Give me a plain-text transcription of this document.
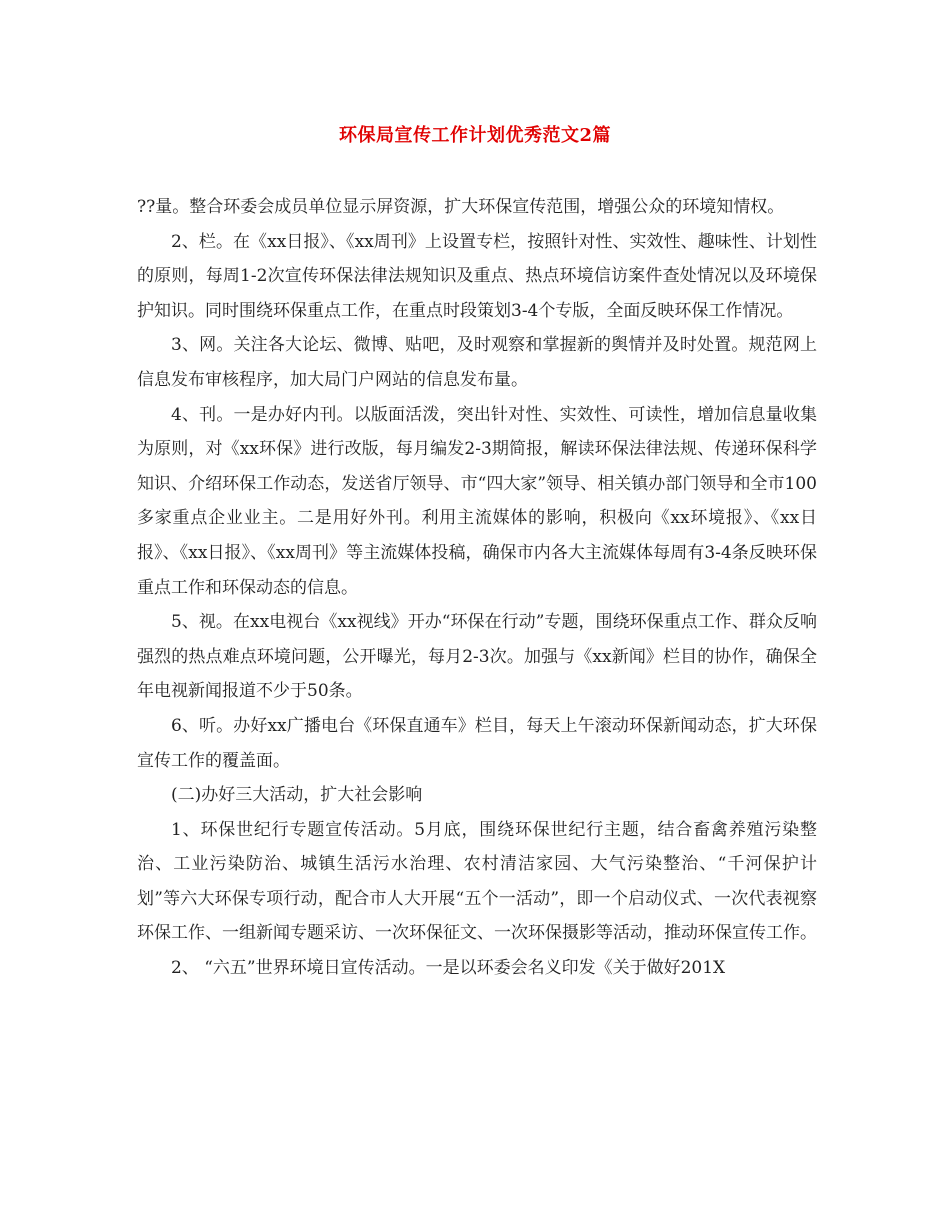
环保局宣传工作计划优秀范文2篇

??量。整合环委会成员单位显示屏资源，扩大环保宣传范围，增强公众的环境知情权。

2、栏。在《xx日报》、《xx周刊》上设置专栏，按照针对性、实效性、趣味性、计划性的原则，每周1-2次宣传环保法律法规知识及重点、热点环境信访案件查处情况以及环境保护知识。同时围绕环保重点工作，在重点时段策划3-4个专版，全面反映环保工作情况。

3、网。关注各大论坛、微博、贴吧，及时观察和掌握新的舆情并及时处置。规范网上信息发布审核程序，加大局门户网站的信息发布量。

4、刊。一是办好内刊。以版面活泼，突出针对性、实效性、可读性，增加信息量收集为原则，对《xx环保》进行改版，每月编发2-3期简报，解读环保法律法规、传递环保科学知识、介绍环保工作动态，发送省厅领导、市“四大家”领导、相关镇办部门领导和全市100多家重点企业业主。二是用好外刊。利用主流媒体的影响，积极向《xx环境报》、《xx日报》、《xx日报》、《xx周刊》等主流媒体投稿，确保市内各大主流媒体每周有3-4条反映环保重点工作和环保动态的信息。

5、视。在xx电视台《xx视线》开办“环保在行动”专题，围绕环保重点工作、群众反响强烈的热点难点环境问题，公开曝光，每月2-3次。加强与《xx新闻》栏目的协作，确保全年电视新闻报道不少于50条。

6、听。办好xx广播电台《环保直通车》栏目，每天上午滚动环保新闻动态，扩大环保宣传工作的覆盖面。

(二)办好三大活动，扩大社会影响

1、环保世纪行专题宣传活动。5月底，围绕环保世纪行主题，结合畜禽养殖污染整治、工业污染防治、城镇生活污水治理、农村清洁家园、大气污染整治、“千河保护计划”等六大环保专项行动，配合市人大开展“五个一活动”，即一个启动仪式、一次代表视察环保工作、一组新闻专题采访、一次环保征文、一次环保摄影等活动，推动环保宣传工作。

2、 “六五”世界环境日宣传活动。一是以环委会名义印发《关于做好201X
